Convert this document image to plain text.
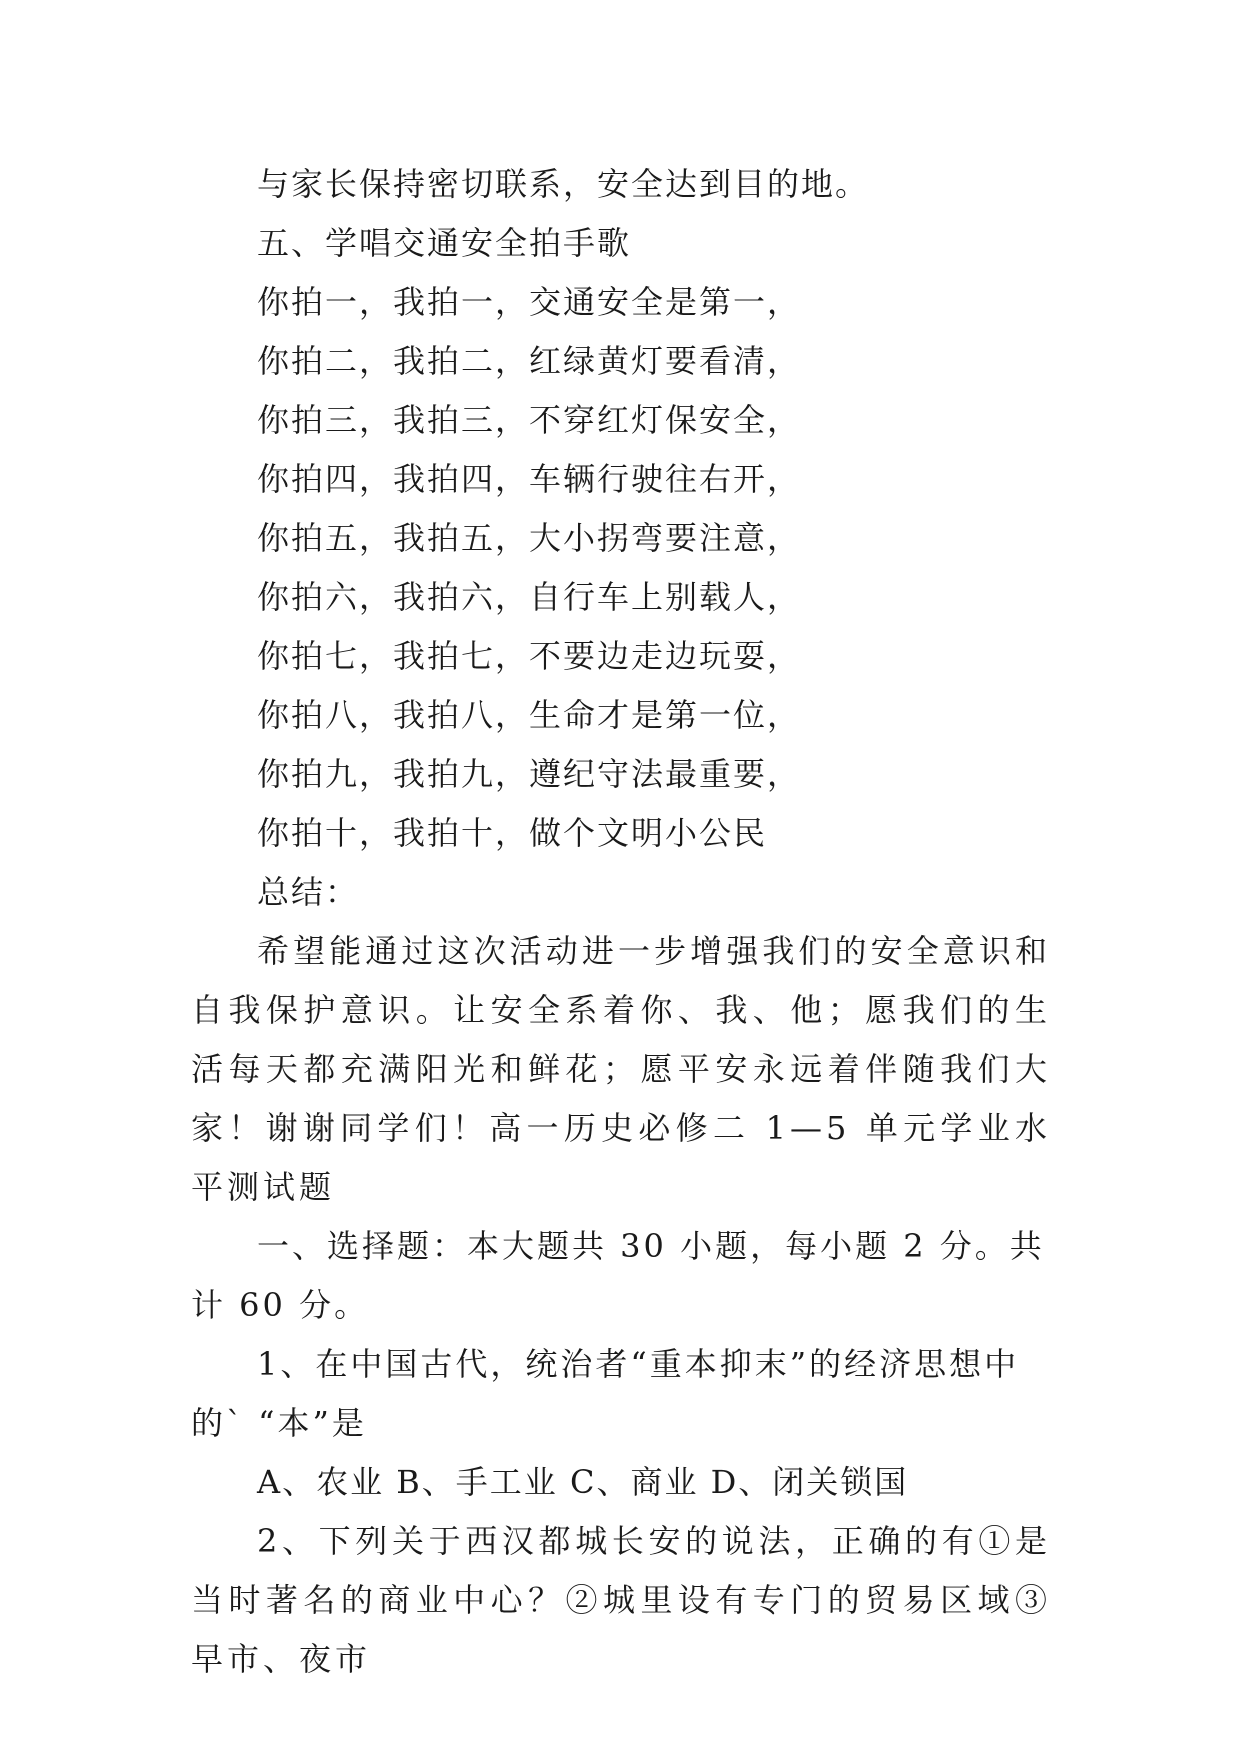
与家长保持密切联系，安全达到目的地。
五、学唱交通安全拍手歌
你拍一，我拍一，交通安全是第一，
你拍二，我拍二，红绿黄灯要看清，
你拍三，我拍三，不穿红灯保安全，
你拍四，我拍四，车辆行驶往右开，
你拍五，我拍五，大小拐弯要注意，
你拍六，我拍六，自行车上别载人，
你拍七，我拍七，不要边走边玩耍，
你拍八，我拍八，生命才是第一位，
你拍九，我拍九，遵纪守法最重要，
你拍十，我拍十，做个文明小公民
总结：
希望能通过这次活动进一步增强我们的安全意识和自我保护意识。让安全系着你、我、他；愿我们的生活每天都充满阳光和鲜花；愿平安永远着伴随我们大家！谢谢同学们！高一历史必修二 1—5 单元学业水平测试题
一、选择题：本大题共 30 小题，每小题 2 分。共计 60 分。
1、在中国古代，统治者“重本抑末”的经济思想中的` “本”是
A、农业 B、手工业 C、商业 D、闭关锁国
2、下列关于西汉都城长安的说法，正确的有①是当时著名的商业中心？②城里设有专门的贸易区域③早市、夜市
